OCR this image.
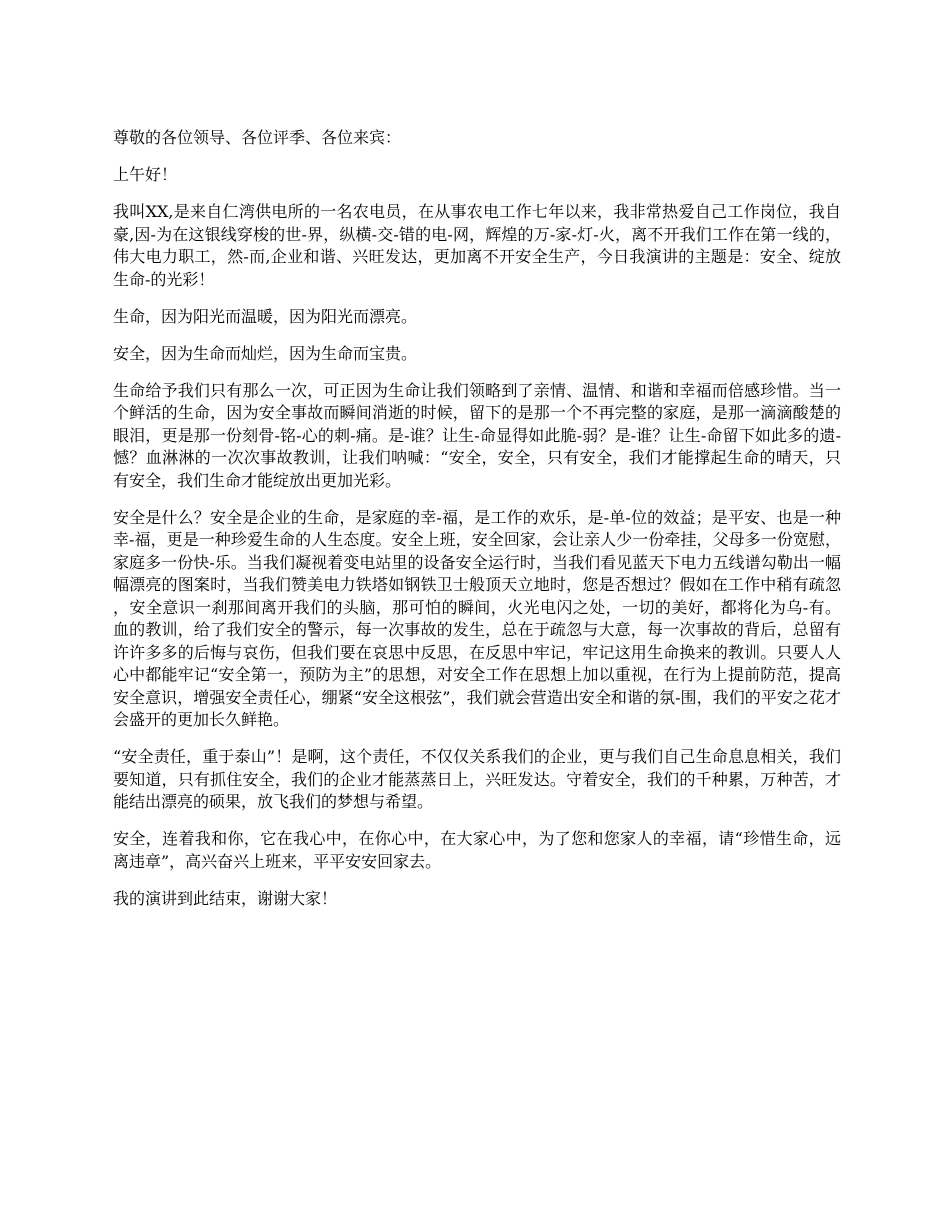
尊敬的各位领导、各位评季、各位来宾：

上午好！

我叫XX,是来自仁湾供电所的一名农电员，在从事农电工作七年以来，我非常热爱自己工作岗位，我自豪,因-为在这银线穿梭的世-界，纵横-交-错的电-网，辉煌的万-家-灯-火，离不开我们工作在第一线的，伟大电力职工，然-而,企业和谐、兴旺发达，更加离不开安全生产，今日我演讲的主题是：安全、绽放生命-的光彩！

生命，因为阳光而温暖，因为阳光而漂亮。

安全，因为生命而灿烂，因为生命而宝贵。

生命给予我们只有那么一次，可正因为生命让我们领略到了亲情、温情、和谐和幸福而倍感珍惜。当一个鲜活的生命，因为安全事故而瞬间消逝的时候，留下的是那一个不再完整的家庭，是那一滴滴酸楚的眼泪，更是那一份刻骨-铭-心的刺-痛。是-谁？让生-命显得如此脆-弱？是-谁？让生-命留下如此多的遗-憾？血淋淋的一次次事故教训，让我们呐喊：“安全，安全，只有安全，我们才能撑起生命的晴天，只有安全，我们生命才能绽放出更加光彩。

安全是什么？安全是企业的生命，是家庭的幸-福，是工作的欢乐，是-单-位的效益；是平安、也是一种幸-福，更是一种珍爱生命的人生态度。安全上班，安全回家，会让亲人少一份牵挂，父母多一份宽慰，家庭多一份快-乐。当我们凝视着变电站里的设备安全运行时，当我们看见蓝天下电力五线谱勾勒出一幅幅漂亮的图案时，当我们赞美电力铁塔如钢铁卫士般顶天立地时，您是否想过？假如在工作中稍有疏忽，安全意识一刹那间离开我们的头脑，那可怕的瞬间，火光电闪之处，一切的美好，都将化为乌-有。 血的教训，给了我们安全的警示，每一次事故的发生，总在于疏忽与大意，每一次事故的背后，总留有许许多多的后悔与哀伤，但我们要在哀思中反思，在反思中牢记，牢记这用生命换来的教训。只要人人心中都能牢记“安全第一，预防为主”的思想，对安全工作在思想上加以重视，在行为上提前防范，提高安全意识，增强安全责任心，绷紧“安全这根弦”，我们就会营造出安全和谐的氛-围，我们的平安之花才会盛开的更加长久鲜艳。

“安全责任，重于泰山”！是啊，这个责任，不仅仅关系我们的企业，更与我们自己生命息息相关，我们要知道，只有抓住安全，我们的企业才能蒸蒸日上，兴旺发达。守着安全，我们的千种累，万种苦，才能结出漂亮的硕果，放飞我们的梦想与希望。

安全，连着我和你，它在我心中，在你心中，在大家心中，为了您和您家人的幸福，请“珍惜生命，远离违章”，高兴奋兴上班来，平平安安回家去。

我的演讲到此结束，谢谢大家！
